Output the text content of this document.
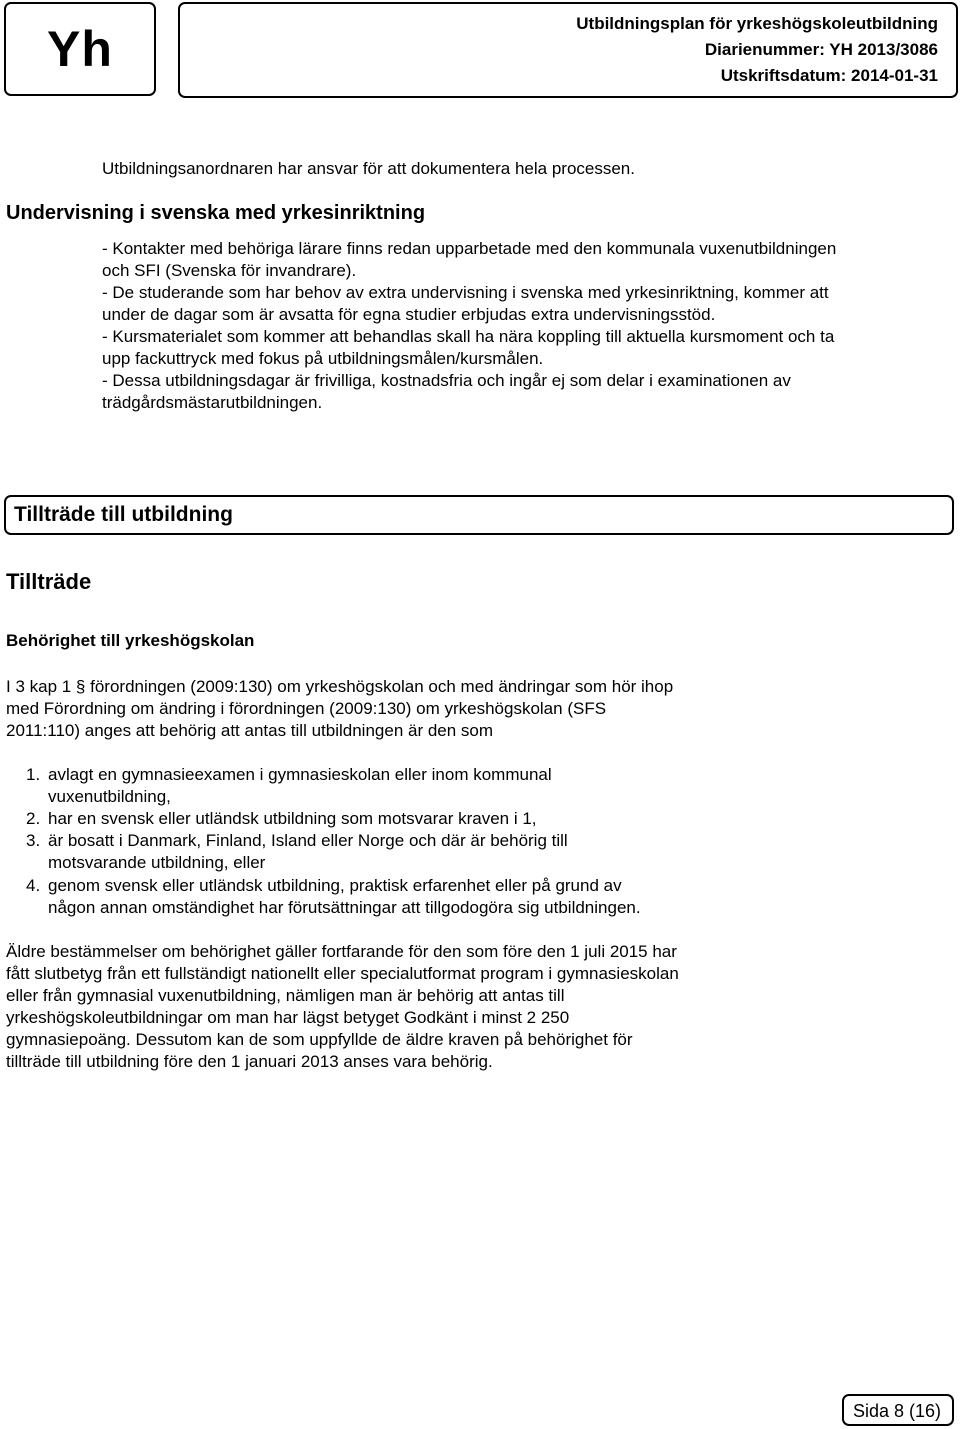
Yh	Utbildningsplan för yrkeshögskoleutbildning
Diarienummer: YH 2013/3086
Utskriftsdatum: 2014-01-31
Utbildningsanordnaren har ansvar för att dokumentera hela processen.
Undervisning i svenska med yrkesinriktning
- Kontakter med behöriga lärare finns redan upparbetade med den kommunala vuxenutbildningen
och SFI (Svenska för invandrare).
- De studerande som har behov av extra undervisning i svenska med yrkesinriktning, kommer att
under de dagar som är avsatta för egna studier erbjudas extra undervisningsstöd.
- Kursmaterialet som kommer att behandlas skall ha nära koppling till aktuella kursmoment och ta
upp fackuttryck med fokus på utbildningsmålen/kursmålen.
- Dessa utbildningsdagar är frivilliga, kostnadsfria och ingår ej som delar i examinationen av
trädgårdsmästarutbildningen.
Tillträde till utbildning
Tillträde
Behörighet till yrkeshögskolan
I 3 kap 1 § förordningen (2009:130) om yrkeshögskolan och med ändringar som hör ihop
med Förordning om ändring i förordningen (2009:130) om yrkeshögskolan (SFS
2011:110) anges att behörig att antas till utbildningen är den som
1. avlagt en gymnasieexamen i gymnasieskolan eller inom kommunal
vuxenutbildning,
2. har en svensk eller utländsk utbildning som motsvarar kraven i 1,
3. är bosatt i Danmark, Finland, Island eller Norge och där är behörig till
motsvarande utbildning, eller
4. genom svensk eller utländsk utbildning, praktisk erfarenhet eller på grund av
någon annan omständighet har förutsättningar att tillgodogöra sig utbildningen.
Äldre bestämmelser om behörighet gäller fortfarande för den som före den 1 juli 2015 har
fått slutbetyg från ett fullständigt nationellt eller specialutformat program i gymnasieskolan
eller från gymnasial vuxenutbildning, nämligen man är behörig att antas till
yrkeshögskoleutbildningar om man har lägst betyget Godkänt i minst 2 250
gymnasiepoäng. Dessutom kan de som uppfyllde de äldre kraven på behörighet för
tillträde till utbildning före den 1 januari 2013 anses vara behörig.
Sida 8 (16)
